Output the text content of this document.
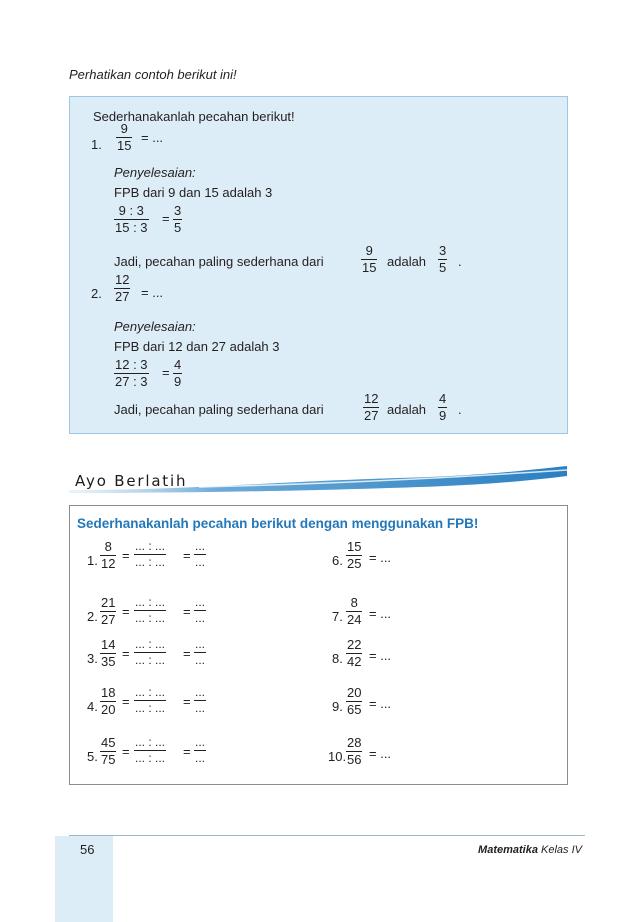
Perhatikan contoh berikut ini!
Sederhanakanlah pecahan berikut!
1. $\frac{9}{15}$ = ...
Penyelesaian:
FPB dari 9 dan 15 adalah 3
$\frac{9 : 3}{15 : 3} = \frac{3}{5}$
Jadi, pecahan paling sederhana dari	$\frac{9}{15}$ adalah $\frac{3}{5}$ .
2. $\frac{12}{27}$ = ...
Penyelesaian:
FPB dari 12 dan 27 adalah 3
$\frac{12 : 3}{27 : 3} = \frac{4}{9}$
Jadi, pecahan paling sederhana dari	$\frac{12}{27}$ adalah $\frac{4}{9}$ .
Ayo Berlatih
Sederhanakanlah pecahan berikut dengan menggunakan FPB!
1. $\frac{8}{12}$ =
... : ...
... : ... =
...
...
2. $\frac{21}{27}$ =
... : ...
... : ... =
...
...
3. $\frac{14}{35}$ =
... : ...
... : ... =
...
...
4. $\frac{18}{20}$ =
... : ...
... : ... =
...
...
5. $\frac{45}{75}$ =
... : ...
... : ... =
...
...
6. $\frac{15}{25}$ = ...
7. $\frac{8}{24}$ = ...
8. $\frac{22}{42}$ = ...
9. $\frac{20}{65}$ = ...
10. $\frac{28}{56}$ = ...
56	Matematika Kelas IV
